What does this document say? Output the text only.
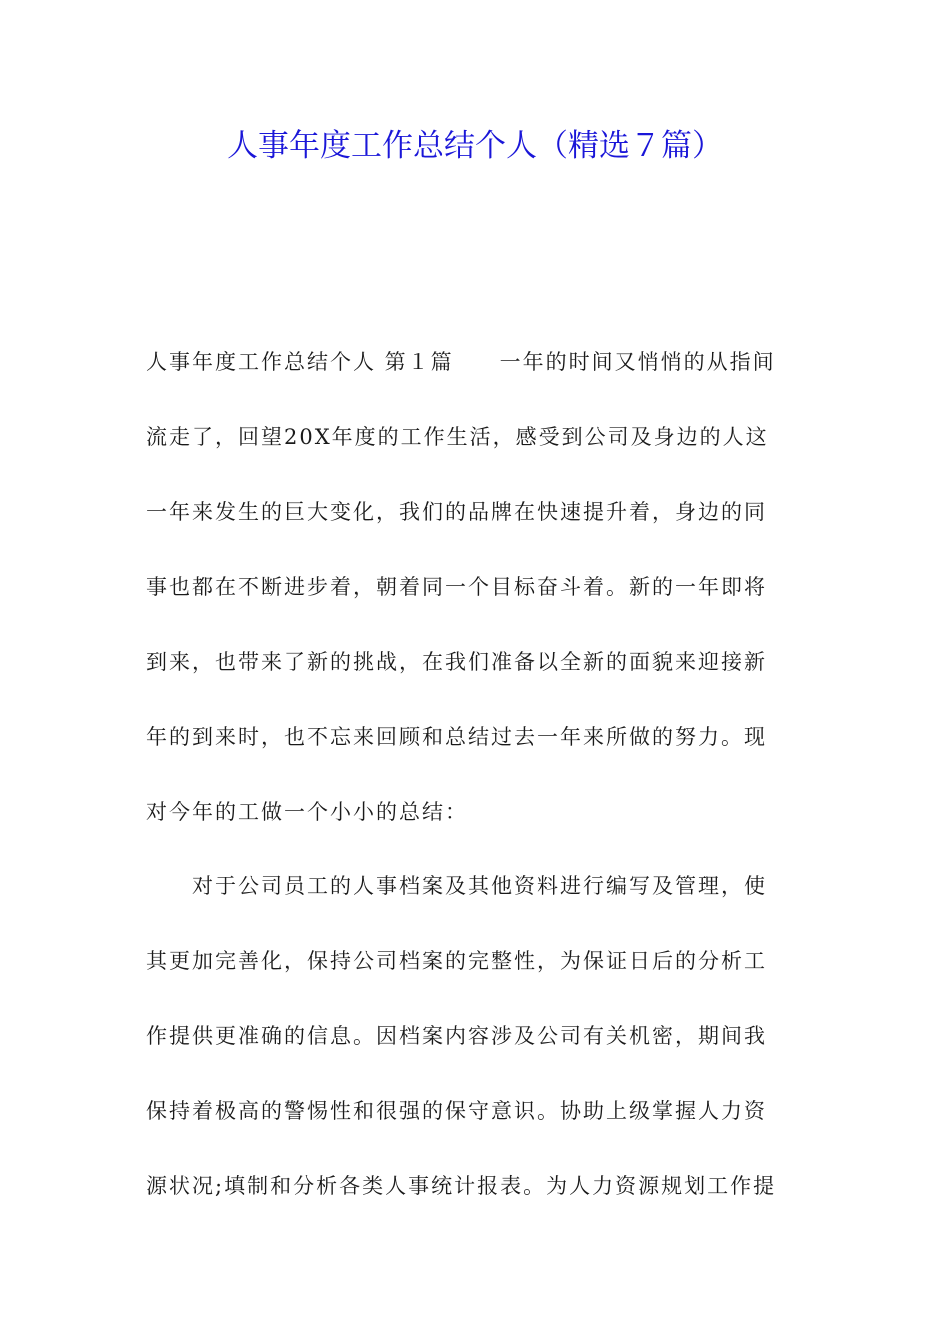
人事年度工作总结个人（精选７篇）
人事年度工作总结个人 第１篇　　一年的时间又悄悄的从指间
流走了，回望20X年度的工作生活，感受到公司及身边的人这
一年来发生的巨大变化，我们的品牌在快速提升着，身边的同
事也都在不断进步着，朝着同一个目标奋斗着。新的一年即将
到来，也带来了新的挑战，在我们准备以全新的面貌来迎接新
年的到来时，也不忘来回顾和总结过去一年来所做的努力。现
对今年的工做一个小小的总结：
　　对于公司员工的人事档案及其他资料进行编写及管理，使
其更加完善化，保持公司档案的完整性，为保证日后的分析工
作提供更准确的信息。因档案内容涉及公司有关机密，期间我
保持着极高的警惕性和很强的保守意识。协助上级掌握人力资
源状况;填制和分析各类人事统计报表。为人力资源规划工作提
